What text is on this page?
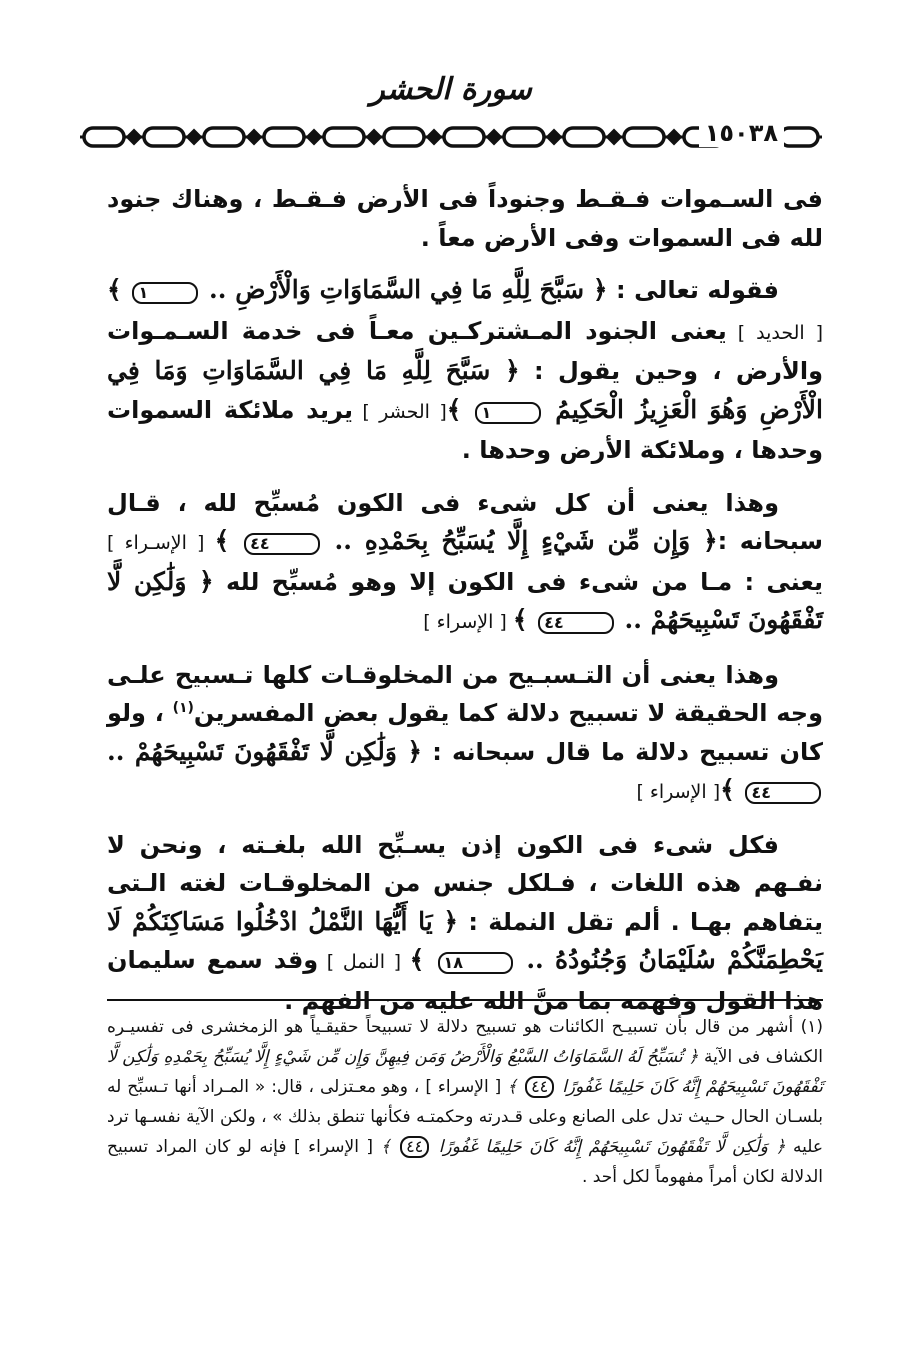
سورة الحشر
١٥٠٣٨

فى السـموات فـقـط وجنوداً فى الأرض فـقـط ، وهناك جنود لله فى السموات وفى الأرض معاً .

فقوله تعالى : ﴿ سَبَّحَ لِلَّهِ مَا فِي السَّمَاوَاتِ وَالْأَرْضِ .. ١ ﴾ [ الحديد ] يعنى الجنود المـشتركـين معـاً فى خدمة السـمـوات والأرض ، وحين يقول : ﴿ سَبَّحَ لِلَّهِ مَا فِي السَّمَاوَاتِ وَمَا فِي الْأَرْضِ وَهُوَ الْعَزِيزُ الْحَكِيمُ ١ ﴾[ الحشر ] يريد ملائكة السموات وحدها ، وملائكة الأرض وحدها .

وهذا يعنى أن كل شىء فى الكون مُسبِّح لله ، قـال سبحانه :﴿ وَإِن مِّن شَيْءٍ إِلَّا يُسَبِّحُ بِحَمْدِهِ .. ٤٤ ﴾ [ الإسـراء ] يعنى : مـا من شىء فى الكون إلا وهو مُسبِّح لله ﴿ وَلَٰكِن لَّا تَفْقَهُونَ تَسْبِيحَهُمْ .. ٤٤ ﴾ [ الإسراء ]

وهذا يعنى أن التـسبـيح من المخلوقـات كلها تـسبيح علـى وجه الحقيقة لا تسبيح دلالة كما يقول بعض المفسرين$^{(١)}$ ، ولو كان تسبيح دلالة ما قال سبحانه : ﴿ وَلَٰكِن لَّا تَفْقَهُونَ تَسْبِيحَهُمْ .. ٤٤ ﴾[ الإسراء ]

فكل شىء فى الكون إذن يسـبِّح الله بلغـته ، ونحن لا نفـهم هذه اللغات ، فـلكل جنس من المخلوقـات لغته الـتى يتفاهم بهـا . ألم تقل النملة : ﴿ يَا أَيُّهَا النَّمْلُ ادْخُلُوا مَسَاكِنَكُمْ لَا يَحْطِمَنَّكُمْ سُلَيْمَانُ وَجُنُودُهُ .. ١٨ ﴾ [ النمل ] وقد سمع سليمان هذا القول وفهمه بما منَّ الله عليه من الفهم .

(١) أشهر من قال بأن تسبيـح الكائنات هو تسبيح دلالة لا تسبيحاً حقيقـياً هو الزمخشرى فى تفسيـره الكشاف فى الآية ﴿ تُسَبِّحُ لَهُ السَّمَاوَاتُ السَّبْعُ وَالْأَرْضُ وَمَن فِيهِنَّ وَإِن مِّن شَيْءٍ إِلَّا يُسَبِّحُ بِحَمْدِهِ وَلَٰكِن لَّا تَفْقَهُونَ تَسْبِيحَهُمْ إِنَّهُ كَانَ حَلِيمًا غَفُورًا ٤٤ ﴾ [ الإسراء ] ، وهو معـتزلى ، قال: « المـراد أنها تـسبِّح له بلسـان الحال حـيث تدل على الصانع وعلى قـدرته وحكمتـه فكأنها تنطق بذلك » ، ولكن الآية نفسـها ترد عليه ﴿ وَلَٰكِن لَّا تَفْقَهُونَ تَسْبِيحَهُمْ إِنَّهُ كَانَ حَلِيمًا غَفُورًا ٤٤ ﴾ [ الإسراء ] فإنه لو كان المراد تسبيح الدلالة لكان أمراً مفهوماً لكل أحد .
